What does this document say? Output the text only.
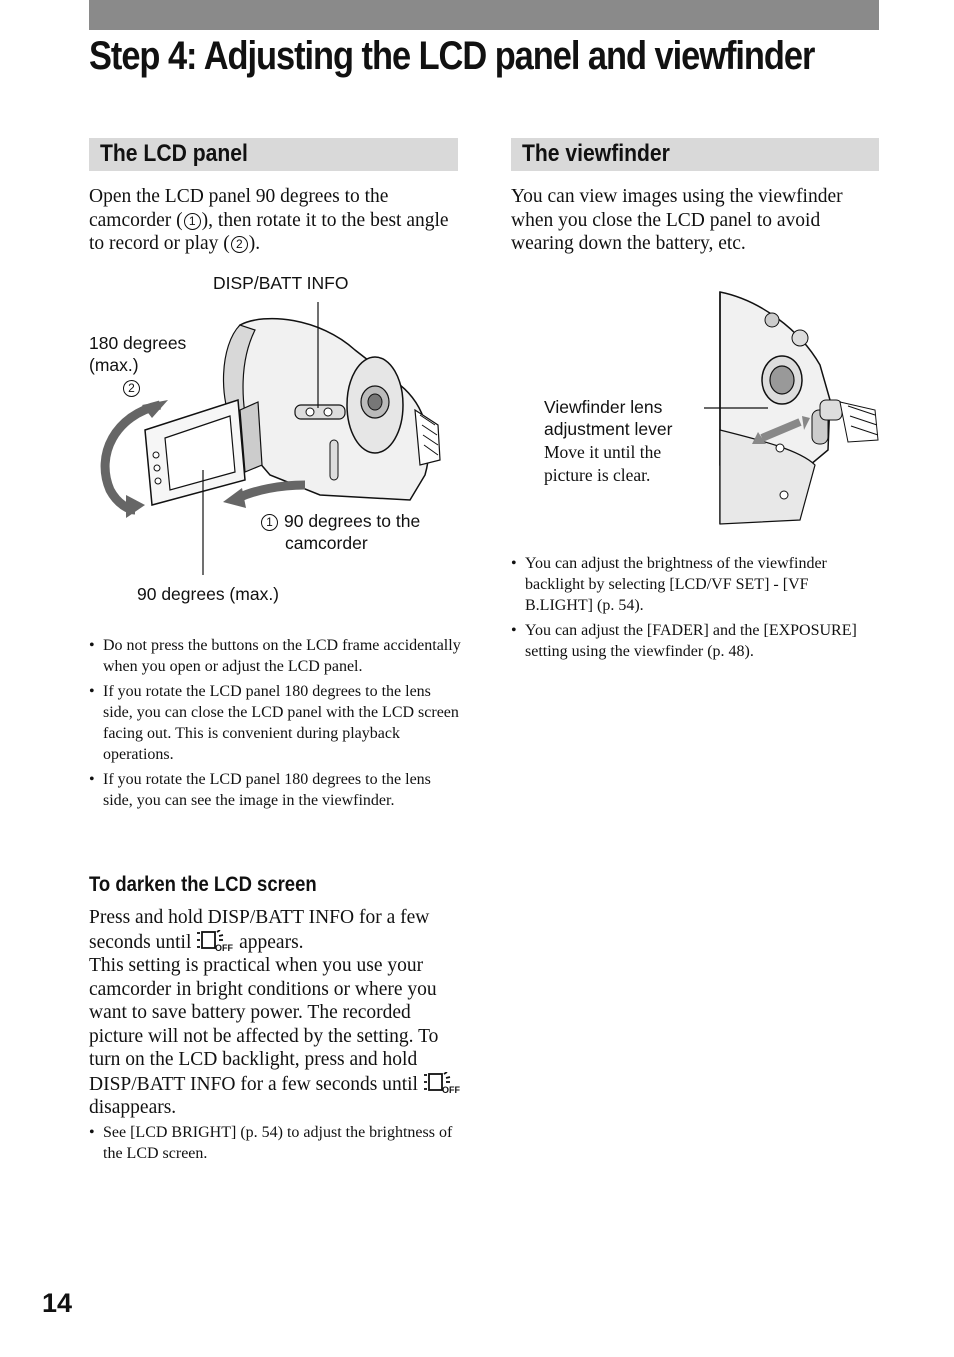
Step 4: Adjusting the LCD panel and viewfinder
The LCD panel

Open the LCD panel 90 degrees to the camcorder ( 1 ), then rotate it to the best angle to record or play ( 2 ).

DISP/BATT INFO
180 degrees
(max.)
2
1 90 degrees to the
camcorder
90 degrees (max.)
• Do not press the buttons on the LCD frame accidentally when you open or adjust the LCD panel.
• If you rotate the LCD panel 180 degrees to the lens side, you can close the LCD panel with the LCD screen facing out. This is convenient during playback operations.
• If you rotate the LCD panel 180 degrees to the lens side, you can see the image in the viewfinder.
To darken the LCD screen

Press and hold DISP/BATT INFO for a few seconds until	OFF appears.

This setting is practical when you use your camcorder in bright conditions or where you want to save battery power. The recorded picture will not be affected by the setting. To turn on the LCD backlight, press and hold DISP/BATT INFO for a few seconds until	OFF
disappears.

• See [LCD BRIGHT] (p. 54) to adjust the brightness of the LCD screen.
The viewfinder

You can view images using the viewfinder when you close the LCD panel to avoid wearing down the battery, etc.

Viewfinder lens
adjustment lever
Move it until the
picture is clear.
• You can adjust the brightness of the viewfinder backlight by selecting [LCD/VF SET] - [VF B.LIGHT] (p. 54).
• You can adjust the [FADER] and the [EXPOSURE] setting using the viewfinder (p. 48).
14
